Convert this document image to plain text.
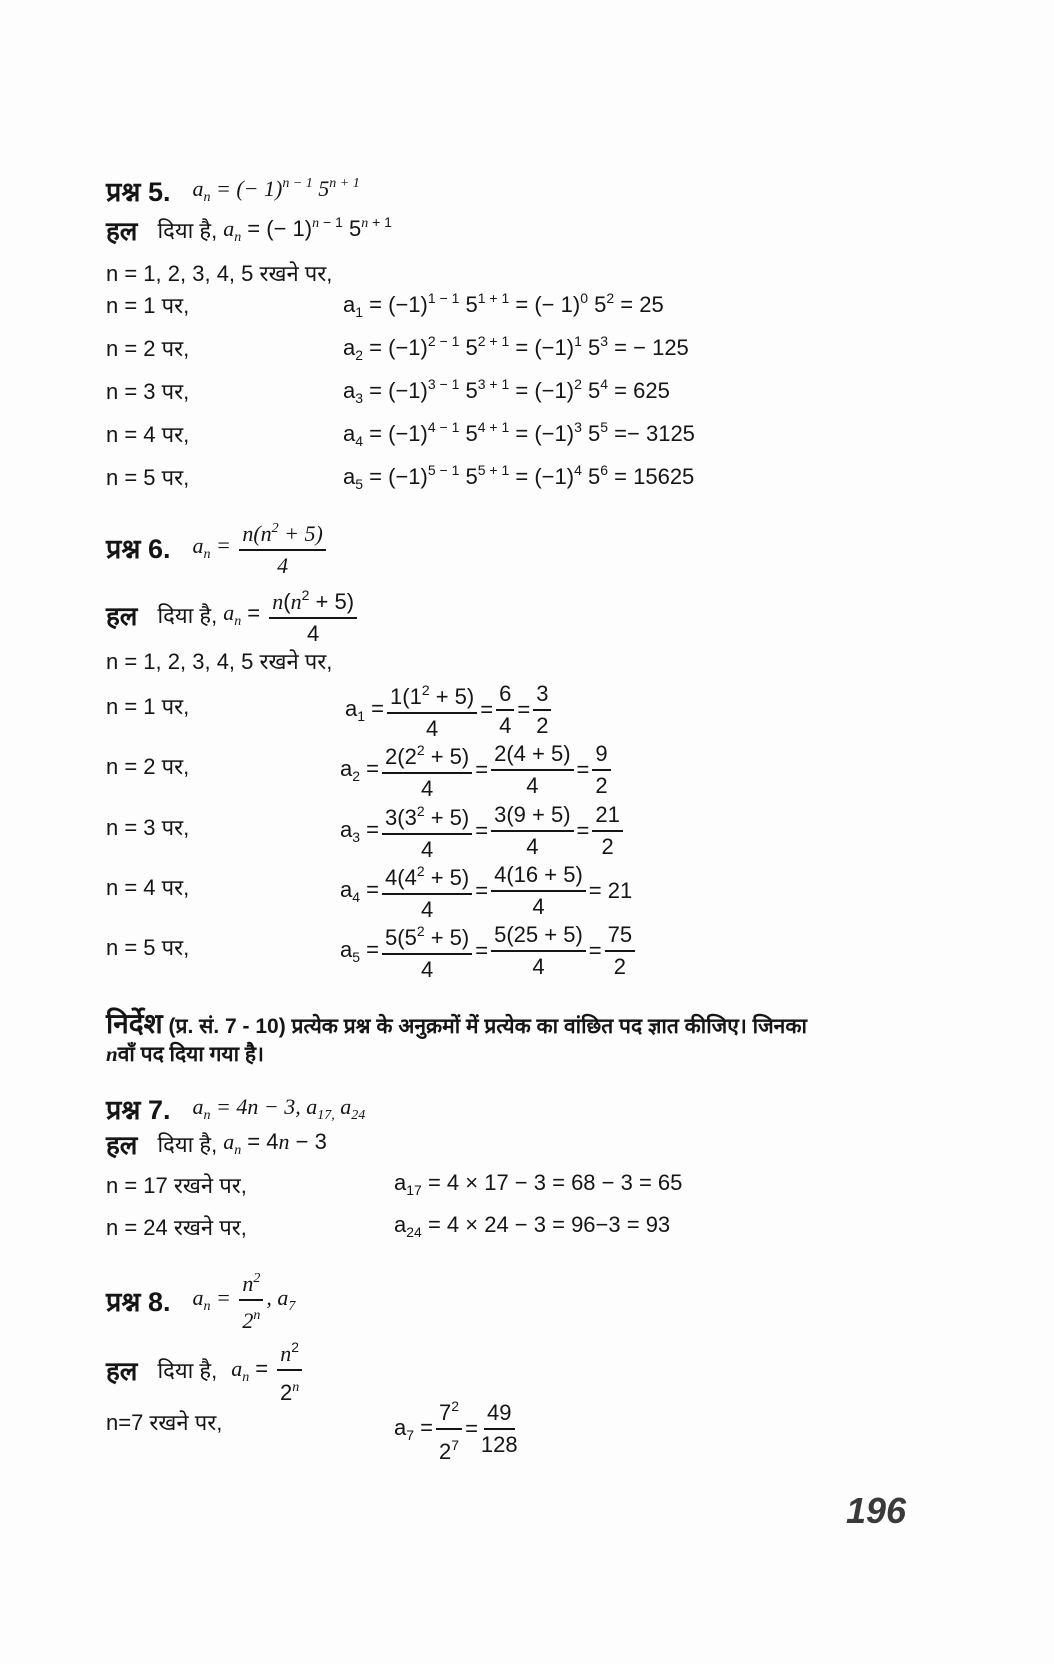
प्रश्न 5. $a_n$ = (− 1)$^{n - 1}$ $5^{n + 1}$
हल दिया है, $a_n$ = (− 1)$^{n - 1}$ $5^{n + 1}$
n = 1, 2, 3, 4, 5 रखने पर,
n = 1 पर,	$a_1 = (-1)^{1 - 1}$ $5^{1 + 1}$ = (− 1)$^0$ $5^2 = 25$
n = 2 पर,	$a_2 = (-1)^{2 - 1}$ $5^{2 + 1} = (-1)^1$ $5^3$ = − 125
n = 3 पर,	$a_3 = (-1)^{3 - 1}$ $5^{3 + 1} = (-1)^2$ $5^4 = 625$
n = 4 पर,	$a_4 = (-1)^{4 - 1}$ $5^{4 + 1} = (-1)^3$ $5^5 =- 3125$
n = 5 पर,	$a_5 = (-1)^{5 - 1}$ $5^{5 + 1} = (-1)^4$ $5^6 = 15625$
प्रश्न 6. $a_n = \frac{n(n^2 + 5)}{4}$
हल दिया है, $a_n = \frac{n(n^2 + 5)}{4}$
n = 1, 2, 3, 4, 5 रखने पर,
n = 1 पर,	$a_1 = \frac{1(1^2 + 5)}{4} = \frac{6}{4} = \frac{3}{2}$
n = 2 पर,	$a_2 = \frac{2(2^2 + 5)}{4} = \frac{2(4 + 5)}{4} = \frac{9}{2}$
n = 3 पर,	$a_3 = \frac{3(3^2 + 5)}{4} = \frac{3(9 + 5)}{4} = \frac{21}{2}$
n = 4 पर,	$a_4 = \frac{4(4^2 + 5)}{4} = \frac{4(16 + 5)}{4} = 21$
n = 5 पर,	$a_5 = \frac{5(5^2 + 5)}{4} = \frac{5(25 + 5)}{4} = \frac{75}{2}$
निर्देश (प्र. सं. 7 - 10) प्रत्येक प्रश्न के अनुक्रमों में प्रत्येक का वांछित पद ज्ञात कीजिए। जिनका
nवाँ पद दिया गया है।
प्रश्न 7. $a_n = 4n - 3$, $a_{17,}$ $a_{24}$
हल दिया है, $a_n = 4n - 3$
n = 17 रखने पर,	$a_{17} = 4 \times 17 - 3 = 68 - 3 = 65$
n = 24 रखने पर,	$a_{24} = 4 \times 24 - 3 = 96-3 = 93$
प्रश्न 8. $a_n = \frac{n^2}{2^n}$ , $a_7$
हल दिया है, $a_n = \frac{n^2}{2^n}$
n=7 रखने पर,	$a_7 = \frac{7^2}{2^7} = \frac{49}{128}$
196
